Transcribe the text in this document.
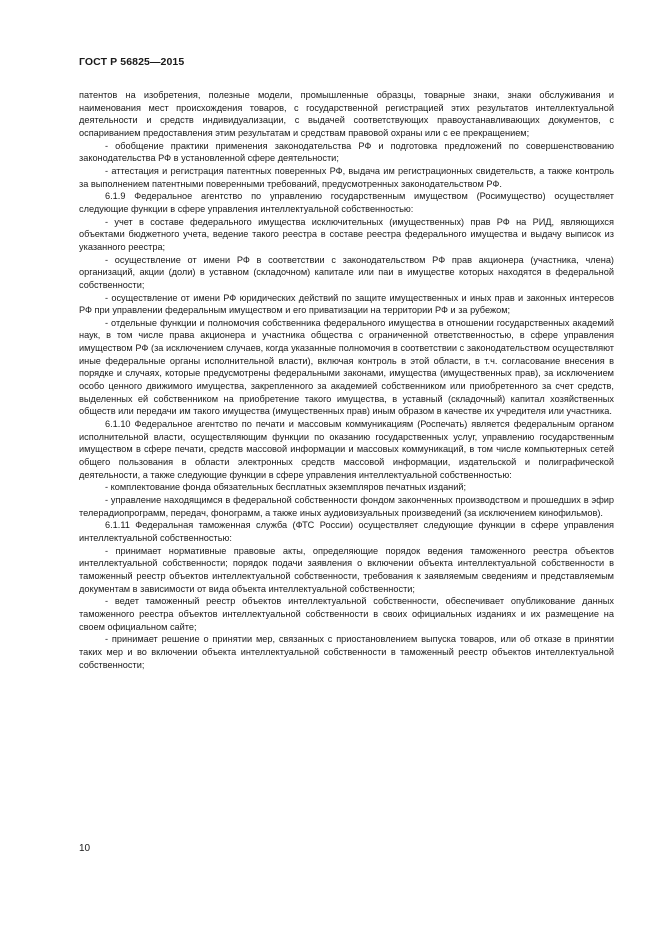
ГОСТ Р 56825—2015

патентов на изобретения, полезные модели, промышленные образцы, товарные знаки, знаки обслуживания и наименования мест происхождения товаров, с государственной регистрацией этих результатов интеллектуальной деятельности и средств индивидуализации, с выдачей соответствующих правоустанавливающих документов, с оспариванием предоставления этим результатам и средствам правовой охраны или с ее прекращением;

- обобщение практики применения законодательства РФ и подготовка предложений по совершенствованию законодательства РФ в установленной сфере деятельности;

- аттестация и регистрация патентных поверенных РФ, выдача им регистрационных свидетельств, а также контроль за выполнением патентными поверенными требований, предусмотренных законодательством РФ.

6.1.9 Федеральное агентство по управлению государственным имуществом (Росимущество) осуществляет следующие функции в сфере управления интеллектуальной собственностью:

- учет в составе федерального имущества исключительных (имущественных) прав РФ на РИД, являющихся объектами бюджетного учета, ведение такого реестра в составе реестра федерального имущества и выдачу выписок из указанного реестра;

- осуществление от имени РФ в соответствии с законодательством РФ прав акционера (участника, члена) организаций, акции (доли) в уставном (складочном) капитале или паи в имуществе которых находятся в федеральной собственности;

- осуществление от имени РФ юридических действий по защите имущественных и иных прав и законных интересов РФ при управлении федеральным имуществом и его приватизации на территории РФ и за рубежом;

- отдельные функции и полномочия собственника федерального имущества в отношении государственных академий наук, в том числе права акционера и участника общества с ограниченной ответственностью, в сфере управления имуществом РФ (за исключением случаев, когда указанные полномочия в соответствии с законодательством осуществляют иные федеральные органы исполнительной власти), включая контроль в этой области, в т.ч. согласование внесения в порядке и случаях, которые предусмотрены федеральными законами, имущества (имущественных прав), за исключением особо ценного движимого имущества, закрепленного за академией собственником или приобретенного за счет средств, выделенных ей собственником на приобретение такого имущества, в уставный (складочный) капитал хозяйственных обществ или передачи им такого имущества (имущественных прав) иным образом в качестве их учредителя или участника.

6.1.10 Федеральное агентство по печати и массовым коммуникациям (Роспечать) является федеральным органом исполнительной власти, осуществляющим функции по оказанию государственных услуг, управлению государственным имуществом в сфере печати, средств массовой информации и массовых коммуникаций, в том числе компьютерных сетей общего пользования в области электронных средств массовой информации, издательской и полиграфической деятельности, а также следующие функции в сфере управления интеллектуальной собственностью:

- комплектование фонда обязательных бесплатных экземпляров печатных изданий;

- управление находящимся в федеральной собственности фондом законченных производством и прошедших в эфир телерадиопрограмм, передач, фонограмм, а также иных аудиовизуальных произведений (за исключением кинофильмов).

6.1.11 Федеральная таможенная служба (ФТС России) осуществляет следующие функции в сфере управления интеллектуальной собственностью:

- принимает нормативные правовые акты, определяющие порядок ведения таможенного реестра объектов интеллектуальной собственности; порядок подачи заявления о включении объекта интеллектуальной собственности в таможенный реестр объектов интеллектуальной собственности, требования к заявляемым сведениям и представляемым документам в зависимости от вида объекта интеллектуальной собственности;

- ведет таможенный реестр объектов интеллектуальной собственности, обеспечивает опубликование данных таможенного реестра объектов интеллектуальной собственности в своих официальных изданиях и их размещение на своем официальном сайте;

- принимает решение о принятии мер, связанных с приостановлением выпуска товаров, или об отказе в принятии таких мер и во включении объекта интеллектуальной собственности в таможенный реестр объектов интеллектуальной собственности;

10
